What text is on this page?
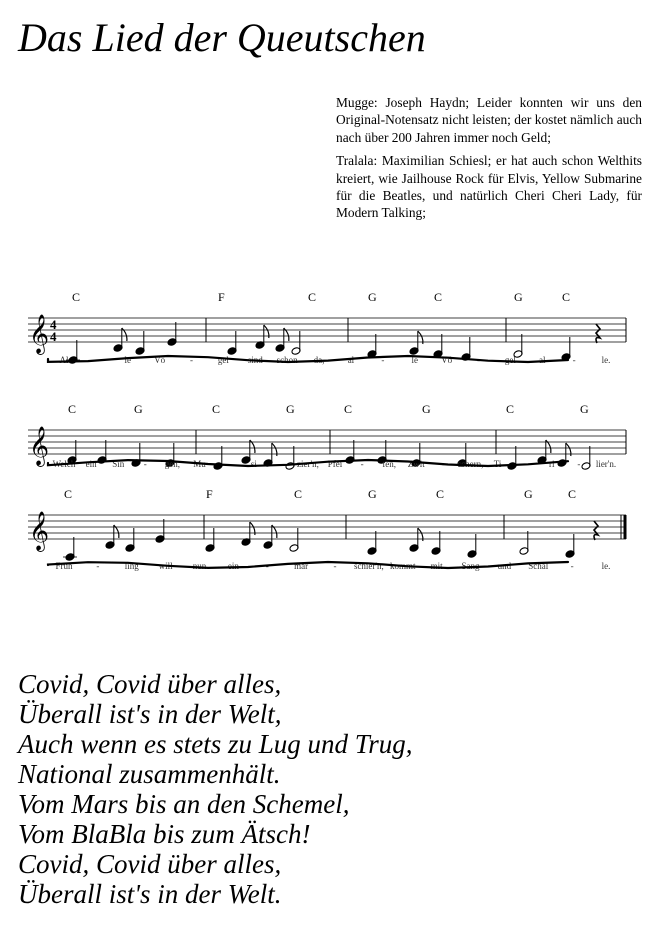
Das Lied der Queutschen

Mugge: Joseph Haydn; Leider konnten wir uns den Original-Notensatz nicht leisten; der kostet nämlich auch nach über 200 Jahren immer noch Geld;

Tralala: Maximilian Schiesl; er hat auch schon Welthits kreiert, wie Jailhouse Rock für Elvis, Yellow Submarine für die Beatles, und natürlich Cheri Cheri Lady, für Modern Talking;

C	F	C	G	C	G	C
𝄞 4
4
Al	-	le	Vö	-	gel sind schon da,	al	-	le	Vö	-	gel	al	-	le.
C	G	C	G	C	G	C	G
𝄞 Welch ein Sin - gen, Mu -	si	- zier'n, Pfei - fen, Zwit - schern, Ti -	ri	- lier'n.
C	F	C	G	C	G	C
𝄞
Früh	-	ling will nun ein	-	mar	- schier'n, kommt mit Sang und Schal -	le.
Covid, Covid über alles,
Überall ist's in der Welt,
Auch wenn es stets zu Lug und Trug,
National zusammenhält.
Vom Mars bis an den Schemel,
Vom BlaBla bis zum Ätsch!
Covid, Covid über alles,
Überall ist's in der Welt.
